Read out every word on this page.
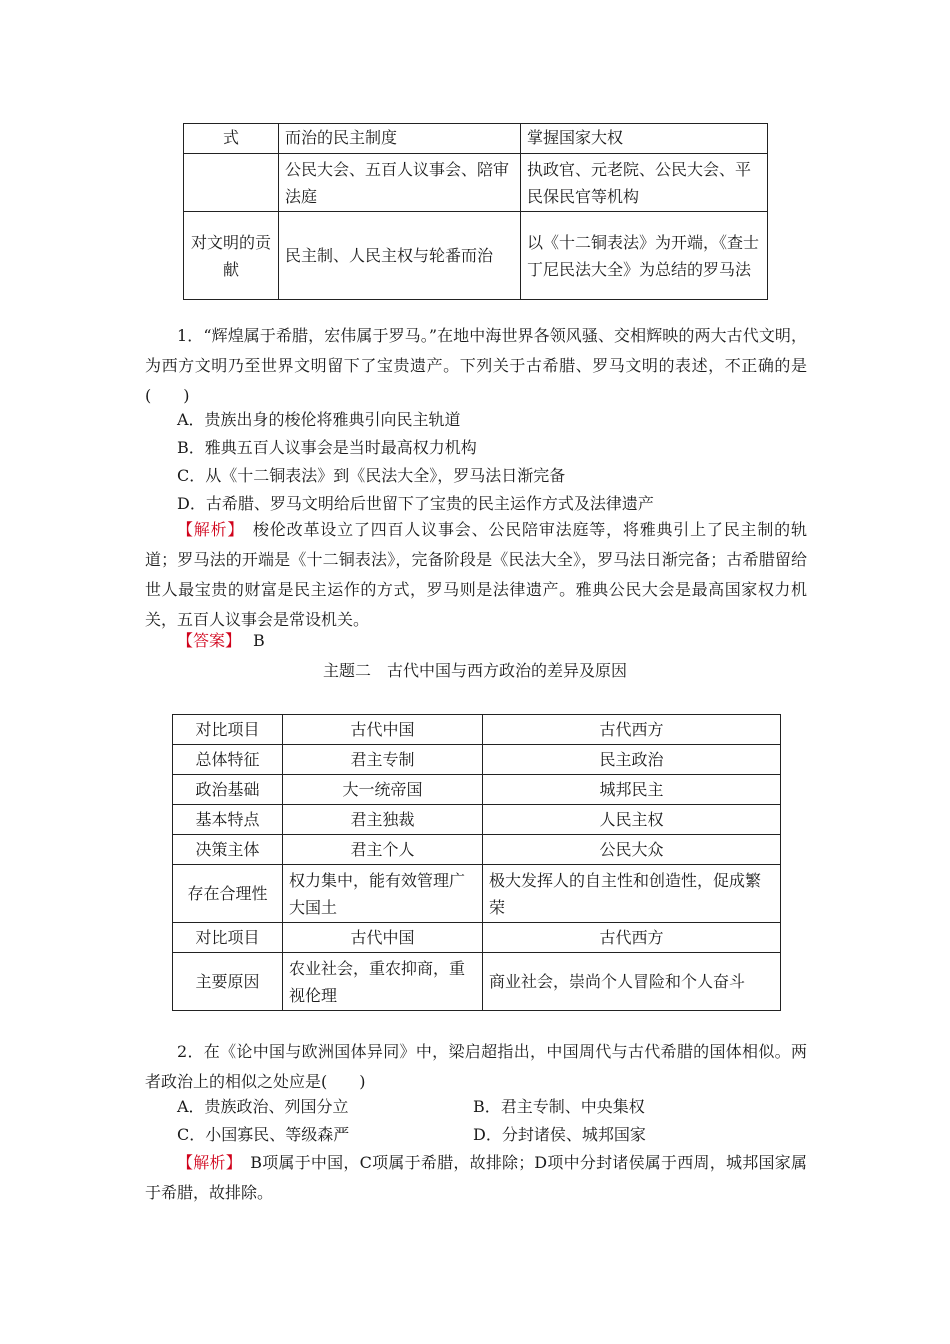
式	而治的民主制度	掌握国家大权
	公民大会、五百人议事会、陪审法庭	执政官、元老院、公民大会、平民保民官等机构
对文明的贡献	民主制、人民主权与轮番而治	以《十二铜表法》为开端，《查士丁尼民法大全》为总结的罗马法
1．“辉煌属于希腊，宏伟属于罗马。”在地中海世界各领风骚、交相辉映的两大古代文明，为西方文明乃至世界文明留下了宝贵遗产。下列关于古希腊、罗马文明的表述，不正确的是(　　)
A．贵族出身的梭伦将雅典引向民主轨道
B．雅典五百人议事会是当时最高权力机构
C．从《十二铜表法》到《民法大全》，罗马法日渐完备
D．古希腊、罗马文明给后世留下了宝贵的民主运作方式及法律遗产
【解析】　梭伦改革设立了四百人议事会、公民陪审法庭等，将雅典引上了民主制的轨道；罗马法的开端是《十二铜表法》，完备阶段是《民法大全》，罗马法日渐完备；古希腊留给世人最宝贵的财富是民主运作的方式，罗马则是法律遗产。雅典公民大会是最高国家权力机关，五百人议事会是常设机关。
【答案】 B
主题二　古代中国与西方政治的差异及原因
对比项目	古代中国	古代西方
总体特征	君主专制	民主政治
政治基础	大一统帝国	城邦民主
基本特点	君主独裁	人民主权
决策主体	君主个人	公民大众
存在合理性	权力集中，能有效管理广大国土	极大发挥人的自主性和创造性，促成繁荣
对比项目	古代中国	古代西方
主要原因	农业社会，重农抑商，重视伦理	商业社会，崇尚个人冒险和个人奋斗
2．在《论中国与欧洲国体异同》中，梁启超指出，中国周代与古代希腊的国体相似。两者政治上的相似之处应是(　　)
A．贵族政治、列国分立	B．君主专制、中央集权
C．小国寡民、等级森严	D．分封诸侯、城邦国家
【解析】　B项属于中国，C项属于希腊，故排除；D项中分封诸侯属于西周，城邦国家属于希腊，故排除。
